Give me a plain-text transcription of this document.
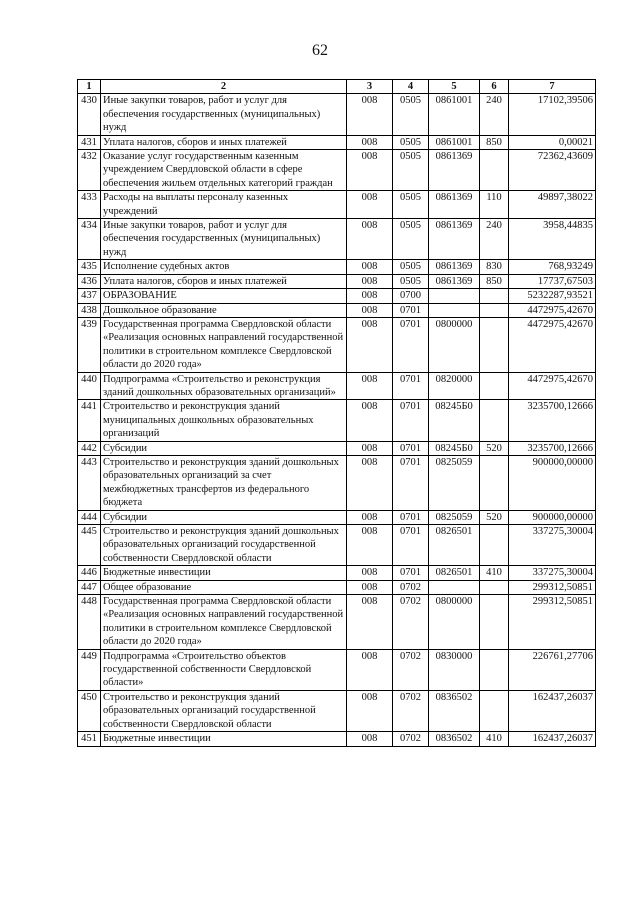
62
1	2	3	4	5	6	7
430	Иные закупки товаров, работ и услуг для обеспечения государственных (муниципальных) нужд	008	0505	0861001	240	17102,39506
431	Уплата налогов, сборов и иных платежей	008	0505	0861001	850	0,00021
432	Оказание услуг государственным казенным учреждением Свердловской области в сфере обеспечения жильем отдельных категорий граждан	008	0505	0861369		72362,43609
433	Расходы на выплаты персоналу казенных учреждений	008	0505	0861369	110	49897,38022
434	Иные закупки товаров, работ и услуг для обеспечения государственных (муниципальных) нужд	008	0505	0861369	240	3958,44835
435	Исполнение судебных актов	008	0505	0861369	830	768,93249
436	Уплата налогов, сборов и иных платежей	008	0505	0861369	850	17737,67503
437	ОБРАЗОВАНИЕ	008	0700			5232287,93521
438	Дошкольное образование	008	0701			4472975,42670
439	Государственная программа Свердловской области «Реализация основных направлений государственной политики в строительном комплексе Свердловской области до 2020 года»	008	0701	0800000		4472975,42670
440	Подпрограмма «Строительство и реконструкция зданий дошкольных образовательных организаций»	008	0701	0820000		4472975,42670
441	Строительство и реконструкция зданий муниципальных дошкольных образовательных организаций	008	0701	08245Б0		3235700,12666
442	Субсидии	008	0701	08245Б0	520	3235700,12666
443	Строительство и реконструкция зданий дошкольных образовательных организаций за счет межбюджетных трансфертов из федерального бюджета	008	0701	0825059		900000,00000
444	Субсидии	008	0701	0825059	520	900000,00000
445	Строительство и реконструкция зданий дошкольных образовательных организаций государственной собственности Свердловской области	008	0701	0826501		337275,30004
446	Бюджетные инвестиции	008	0701	0826501	410	337275,30004
447	Общее образование	008	0702			299312,50851
448	Государственная программа Свердловской области «Реализация основных направлений государственной политики в строительном комплексе Свердловской области до 2020 года»	008	0702	0800000		299312,50851
449	Подпрограмма «Строительство объектов государственной собственности Свердловской области»	008	0702	0830000		226761,27706
450	Строительство и реконструкция зданий образовательных организаций государственной собственности Свердловской области	008	0702	0836502		162437,26037
451	Бюджетные инвестиции	008	0702	0836502	410	162437,26037
